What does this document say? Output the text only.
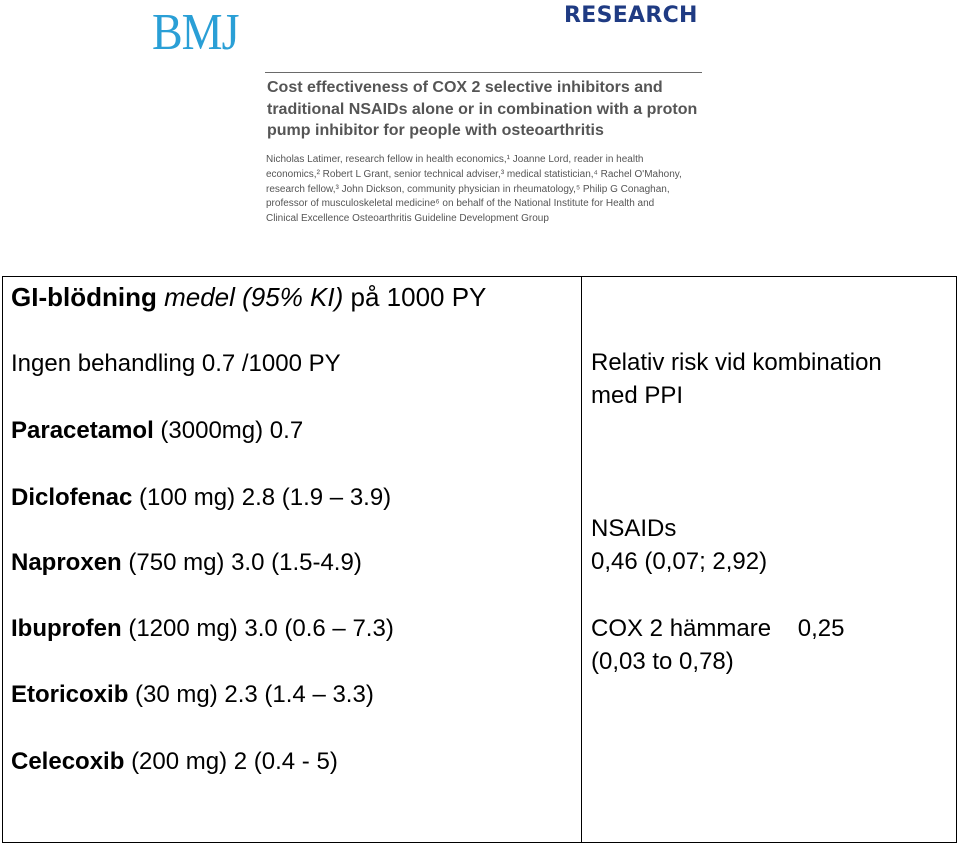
BMJ	RESEARCH
Cost effectiveness of COX 2 selective inhibitors and traditional NSAIDs alone or in combination with a proton pump inhibitor for people with osteoarthritis
Nicholas Latimer, research fellow in health economics,¹ Joanne Lord, reader in health economics,² Robert L Grant, senior technical adviser,³ medical statistician,⁴ Rachel O'Mahony, research fellow,³ John Dickson, community physician in rheumatology,⁵ Philip G Conaghan, professor of musculoskeletal medicine⁶ on behalf of the National Institute for Health and Clinical Excellence Osteoarthritis Guideline Development Group
GI-blödning medel (95% KI) på 1000 PY
Ingen behandling 0.7 /1000 PY
Paracetamol (3000mg) 0.7
Diclofenac (100 mg) 2.8 (1.9 – 3.9)
Naproxen (750 mg) 3.0 (1.5-4.9)
Ibuprofen (1200 mg) 3.0 (0.6 – 7.3)
Etoricoxib (30 mg) 2.3 (1.4 – 3.3)
Celecoxib (200 mg) 2 (0.4 - 5)
Relativ risk vid kombination
med PPI
NSAIDs
0,46 (0,07; 2,92)
COX 2 hämmare    0,25
(0,03 to 0,78)
